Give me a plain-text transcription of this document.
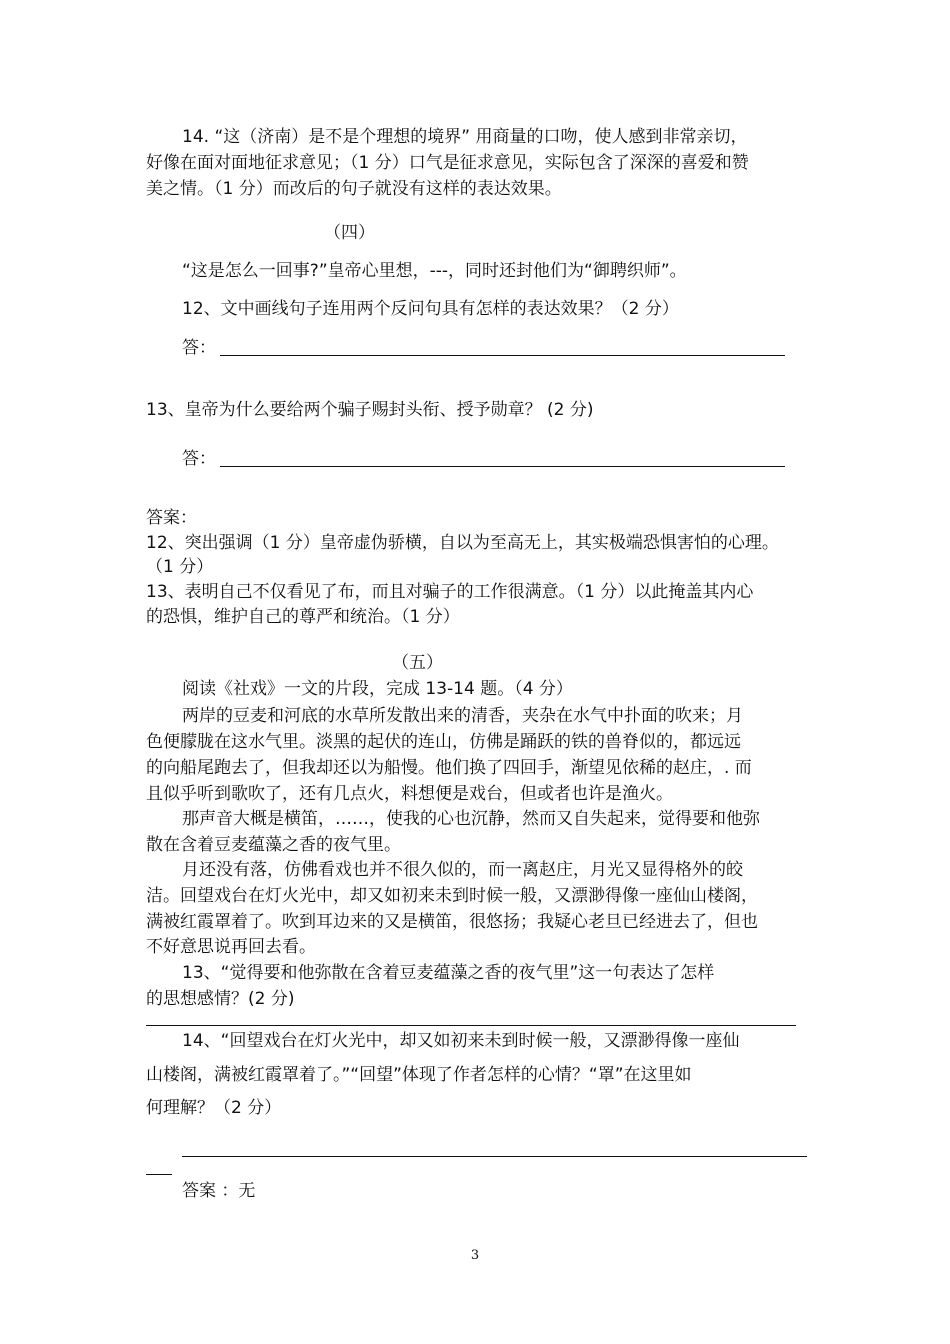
14. “这（济南）是不是个理想的境界” 用商量的口吻，使人感到非常亲切，
好像在面对面地征求意见；（1 分）口气是征求意见，实际包含了深深的喜爱和赞
美之情。（1 分）而改后的句子就没有这样的表达效果。
（四）
“这是怎么一回事?”皇帝心里想，---，同时还封他们为“御聘织师”。
12、文中画线句子连用两个反问句具有怎样的表达效果？（2 分）
答：
13、皇帝为什么要给两个骗子赐封头衔、授予勋章？ (2 分)
答：
答案：
12、突出强调（1 分）皇帝虚伪骄横，自以为至高无上，其实极端恐惧害怕的心理。
（1 分）
13、表明自己不仅看见了布，而且对骗子的工作很满意。（1 分）以此掩盖其内心
的恐惧，维护自己的尊严和统治。（1 分）
（五）
阅读《社戏》一文的片段，完成 13-14 题。（4 分）
两岸的豆麦和河底的水草所发散出来的清香，夹杂在水气中扑面的吹来；月
色便朦胧在这水气里。淡黑的起伏的连山，仿佛是踊跃的铁的兽脊似的，都远远
的向船尾跑去了，但我却还以为船慢。他们换了四回手，渐望见依稀的赵庄，. 而
且似乎听到歌吹了，还有几点火，料想便是戏台，但或者也许是渔火。
那声音大概是横笛，……，使我的心也沉静，然而又自失起来，觉得要和他弥
散在含着豆麦蕴藻之香的夜气里。
月还没有落，仿佛看戏也并不很久似的，而一离赵庄，月光又显得格外的皎
洁。回望戏台在灯火光中，却又如初来未到时候一般，又漂渺得像一座仙山楼阁，
满被红霞罩着了。吹到耳边来的又是横笛，很悠扬；我疑心老旦已经进去了，但也
不好意思说再回去看。
13、“觉得要和他弥散在含着豆麦蕴藻之香的夜气里”这一句表达了怎样
的思想感情？(2 分)
14、“回望戏台在灯火光中，却又如初来未到时候一般，又漂渺得像一座仙
山楼阁，满被红霞罩着了。”“回望”体现了作者怎样的心情？“罩”在这里如
何理解？（2 分）
答案 ：无
3
